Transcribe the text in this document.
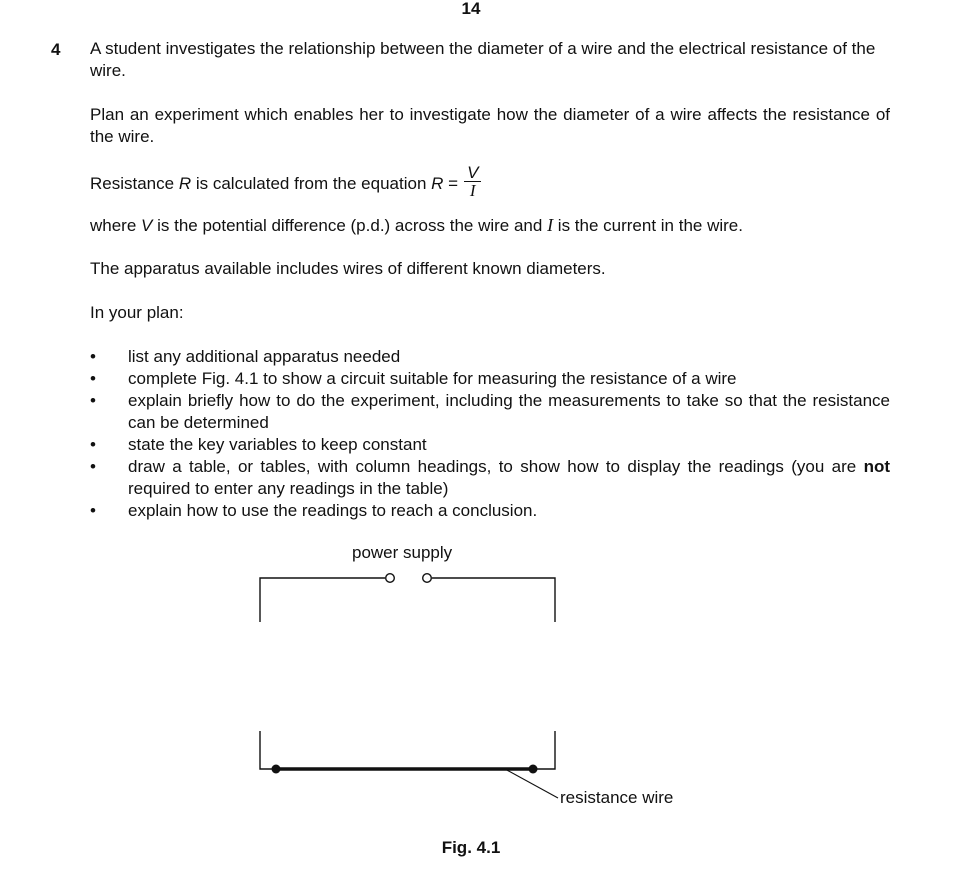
14
4 A student investigates the relationship between the diameter of a wire and the electrical resistance of the wire.

Plan an experiment which enables her to investigate how the diameter of a wire affects the resistance of the wire.

Resistance R is calculated from the equation $R = \frac{V}{I}$

where V is the potential difference (p.d.) across the wire and I is the current in the wire.

The apparatus available includes wires of different known diameters.

In your plan:

• list any additional apparatus needed
• complete Fig. 4.1 to show a circuit suitable for measuring the resistance of a wire
• explain briefly how to do the experiment, including the measurements to take so that the resistance can be determined
• state the key variables to keep constant
• draw a table, or tables, with column headings, to show how to display the readings (you are not required to enter any readings in the table)
• explain how to use the readings to reach a conclusion.
power supply
resistance wire
Fig. 4.1
